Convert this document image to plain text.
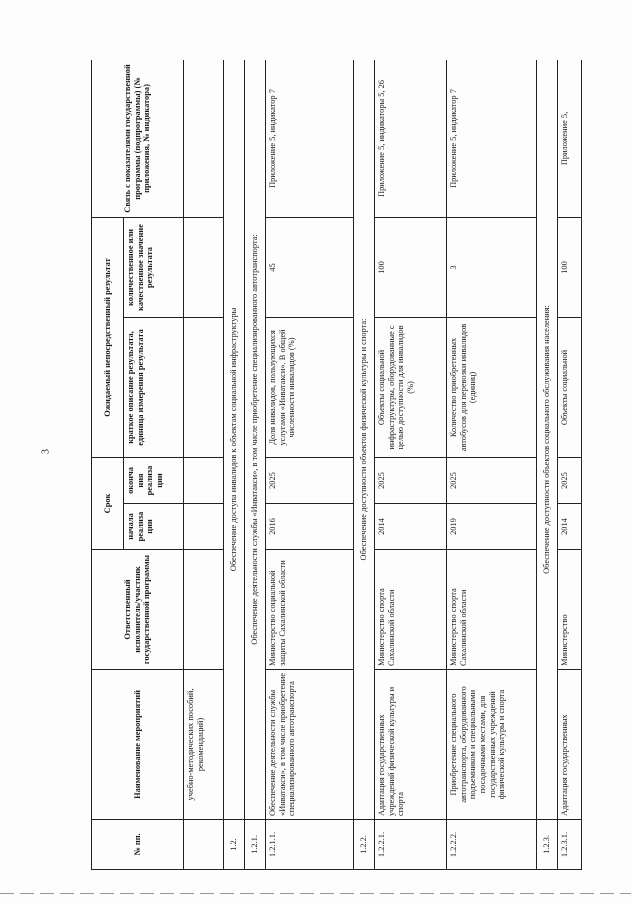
3
№ пп.	Наименование мероприятий	Ответственный исполнитель/участник государственной программы	Срок		Ожидаемый непосредственный результат		Связь с показателями государственной программы (подпрограммы) (№ приложения, № индикатора)
			начала реализа ции	оконча ния реализа ции	краткое описание результата, единица измерения результата	количественное или качественное значение результата	
	учебно-методических пособий, рекомендаций)						
1.2.	Обеспечение доступа инвалидов к объектам социальной инфраструктуры						
1.2.1.	Обеспечение деятельности службы «Инватакси», в том числе приобретение специализированного автотранспорта:						
1.2.1.1.	Обеспечение деятельности службы «Инватакси», в том числе приобретение специализированного автотранспорта	Министерство социальной защиты Сахалинской области	2016	2025	Доля инвалидов, пользующихся услугами «Инватакси». В общей численности инвалидов (%)	45	Приложение 5, индикатор 7
1.2.2.	Обеспечение доступности объектов физической культуры и спорта:						
1.2.2.1.	Адаптация государственных учреждений физической культуры и спорта	Министерство спорта Сахалинской области	2014	2025	Объекты социальной инфраструктуры, оборудованные с целью доступности для инвалидов (%)	100	Приложение 5, индикаторы 5, 26
1.2.2.2.	Приобретение специального автотранспорта, оборудованного подъемником и специальными посадочными местами, для государственных учреждений физической культуры и спорта	Министерство спорта Сахалинской области	2019	2025	Количество приобретенных автобусов для перевозки инвалидов (единиц)	3	Приложение 5, индикатор 7
1.2.3.	Обеспечение доступности объектов социального обслуживания населения:						
1.2.3.1.	Адаптация государственных	Министерство	2014	2025	Объекты социальной	100	Приложение 5,
